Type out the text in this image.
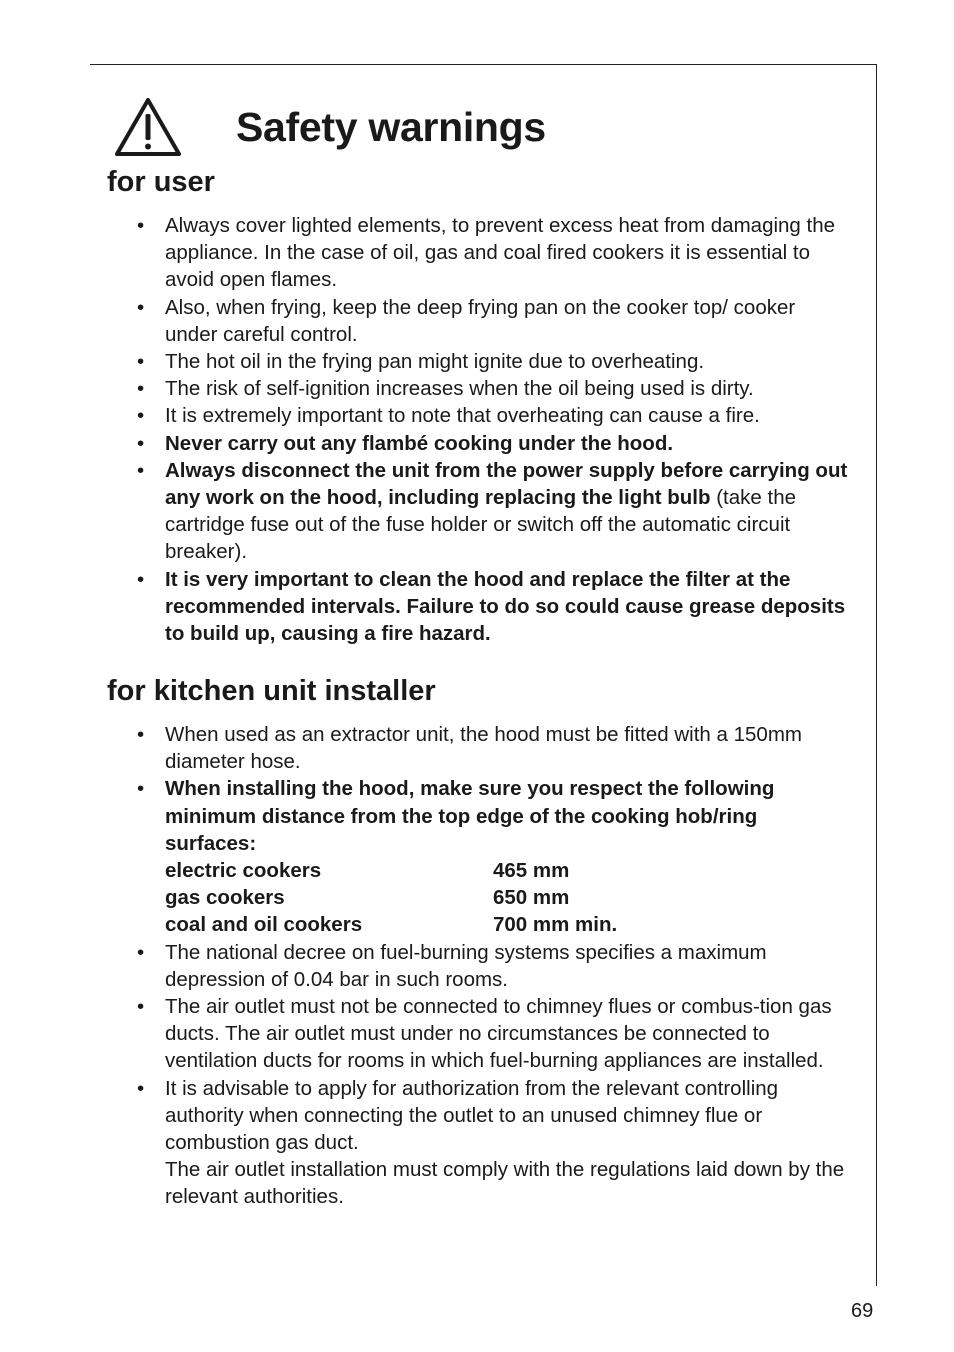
Safety warnings
for user
• Always cover lighted elements, to prevent excess heat from damaging the appliance. In the case of oil, gas and coal fired cookers it is essential to avoid open flames.
• Also, when frying, keep the deep frying pan on the cooker top/ cooker under careful control.
• The hot oil in the frying pan might ignite due to overheating.
• The risk of self-ignition increases when the oil being used is dirty.
• It is extremely important to note that overheating can cause a fire.
• Never carry out any flambé cooking under the hood.
• Always disconnect the unit from the power supply before carrying out any work on the hood, including replacing the light bulb (take the cartridge fuse out of the fuse holder or switch off the automatic circuit breaker).
• It is very important to clean the hood and replace the filter at the recommended intervals. Failure to do so could cause grease deposits to build up, causing a fire hazard.
for kitchen unit installer
• When used as an extractor unit, the hood must be fitted with a 150mm diameter hose.
• When installing the hood, make sure you respect the following minimum distance from the top edge of the cooking hob/ring surfaces:
electric cookers	465 mm
gas cookers	650 mm
coal and oil cookers	700 mm min.
• The national decree on fuel-burning systems specifies a maximum depression of 0.04 bar in such rooms.
• The air outlet must not be connected to chimney flues or combus-tion gas ducts. The air outlet must under no circumstances be connected to ventilation ducts for rooms in which fuel-burning appliances are installed.
• It is advisable to apply for authorization from the relevant controlling authority when connecting the outlet to an unused chimney flue or combustion gas duct.
The air outlet installation must comply with the regulations laid down by the relevant authorities.
69
